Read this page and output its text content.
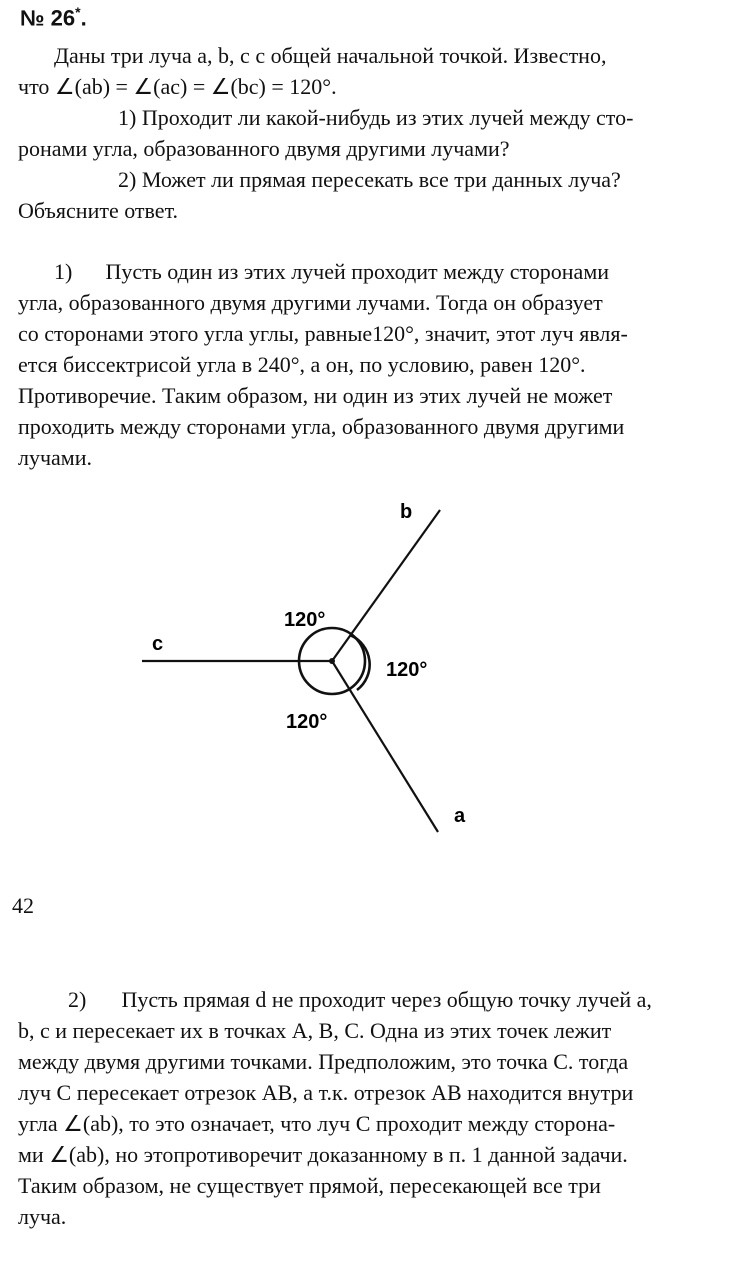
№ 26*.
Даны три луча a, b, c с общей начальной точкой. Известно,
что ∠(ab) = ∠(ac) = ∠(bc) = 120°.
1) Проходит ли какой-нибудь из этих лучей между сто-
ронами угла, образованного двумя другими лучами?
2) Может ли прямая пересекать все три данных луча?
Объясните ответ.
1) Пусть один из этих лучей проходит между сторонами
угла, образованного двумя другими лучами. Тогда он образует
со сторонами этого угла углы, равные120°, значит, этот луч явля-
ется биссектрисой угла в 240°, а он, по условию, равен 120°.
Противоречие. Таким образом, ни один из этих лучей не может
проходить между сторонами угла, образованного двумя другими
лучами.
b
c
a
120°
120°
120°
42
2) Пусть прямая d не проходит через общую точку лучей a,
b, c и пересекает их в точках A, B, C. Одна из этих точек лежит
между двумя другими точками. Предположим, это точка C. тогда
луч C пересекает отрезок AB, а т.к. отрезок AB находится внутри
угла ∠(ab), то это означает, что луч C проходит между сторона-
ми ∠(ab), но этопротиворечит доказанному в п. 1 данной задачи.
Таким образом, не существует прямой, пересекающей все три
луча.
